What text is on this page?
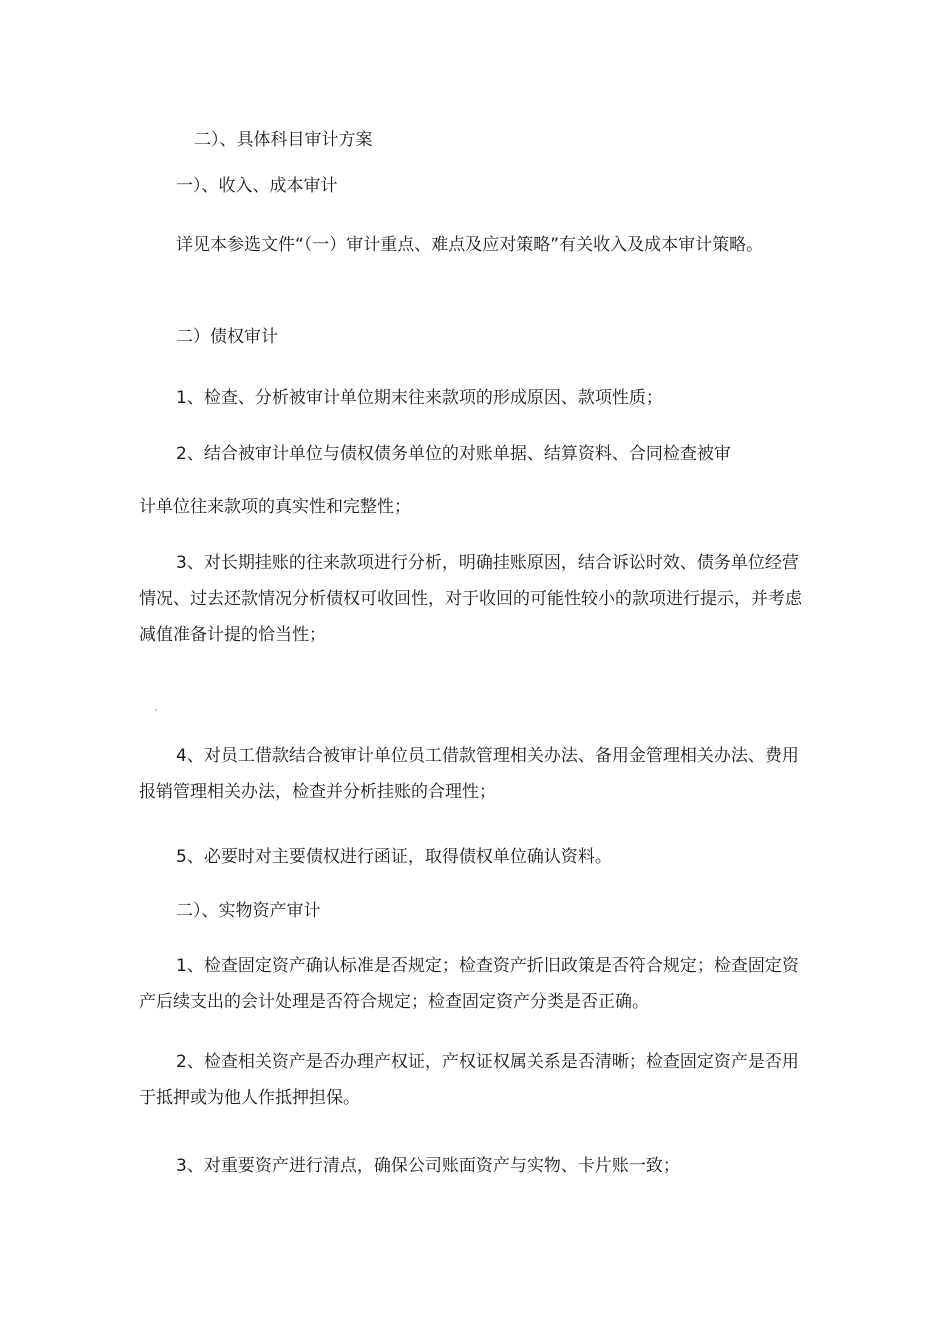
二）、具体科目审计方案

一）、收入、成本审计

详见本参选文件“（一）审计重点、难点及应对策略”有关收入及成本审计策略。

二）债权审计

1、检查、分析被审计单位期末往来款项的形成原因、款项性质；

2、结合被审计单位与债权债务单位的对账单据、结算资料、合同检查被审

计单位往来款项的真实性和完整性；

3、对长期挂账的往来款项进行分析，明确挂账原因，结合诉讼时效、债务单位经营情况、过去还款情况分析债权可收回性，对于收回的可能性较小的款项进行提示，并考虑减值准备计提的恰当性；

'

4、对员工借款结合被审计单位员工借款管理相关办法、备用金管理相关办法、费用报销管理相关办法，检查并分析挂账的合理性；

5、必要时对主要债权进行函证，取得债权单位确认资料。

二）、实物资产审计

1、检查固定资产确认标准是否规定；检查资产折旧政策是否符合规定；检查固定资产后续支出的会计处理是否符合规定；检查固定资产分类是否正确。

2、检查相关资产是否办理产权证，产权证权属关系是否清晰；检查固定资产是否用于抵押或为他人作抵押担保。

3、对重要资产进行清点，确保公司账面资产与实物、卡片账一致；
